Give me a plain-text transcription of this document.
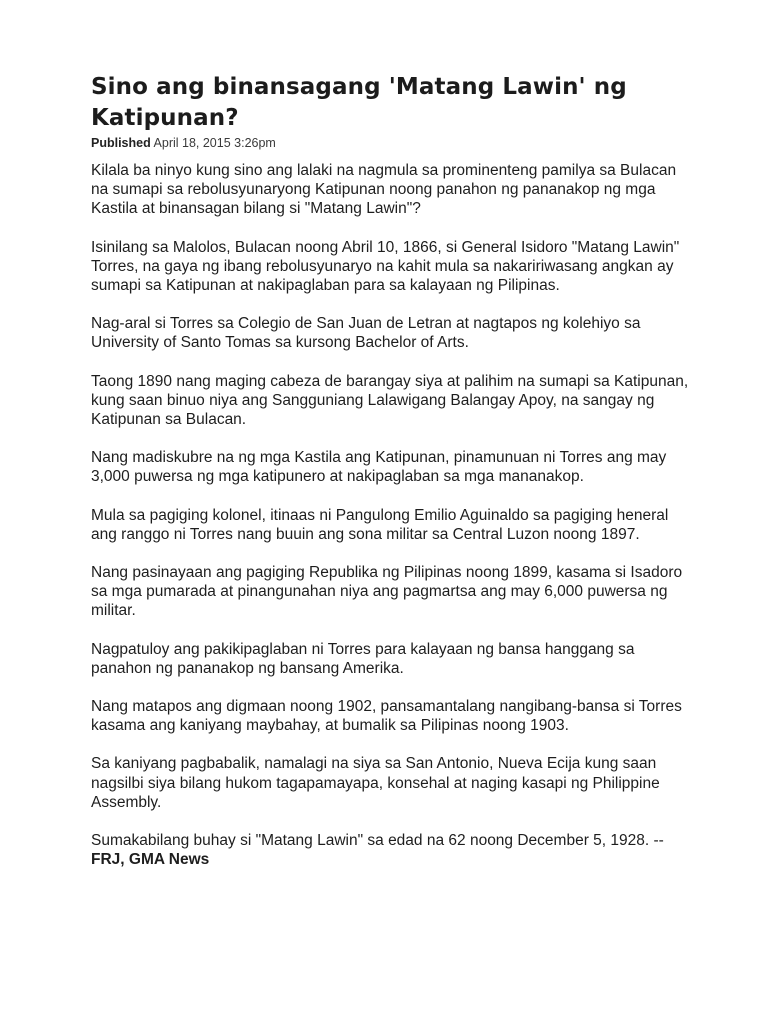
Sino ang binansagang 'Matang Lawin' ng Katipunan?
Published April 18, 2015 3:26pm

Kilala ba ninyo kung sino ang lalaki na nagmula sa prominenteng pamilya sa Bulacan na sumapi sa rebolusyunaryong Katipunan noong panahon ng pananakop ng mga Kastila at binansagan bilang si "Matang Lawin"?

Isinilang sa Malolos, Bulacan noong Abril 10, 1866, si General Isidoro "Matang Lawin" Torres, na gaya ng ibang rebolusyunaryo na kahit mula sa nakaririwasang angkan ay sumapi sa Katipunan at nakipaglaban para sa kalayaan ng Pilipinas.

Nag-aral si Torres sa Colegio de San Juan de Letran at nagtapos ng kolehiyo sa University of Santo Tomas sa kursong Bachelor of Arts.

Taong 1890 nang maging cabeza de barangay siya at palihim na sumapi sa Katipunan, kung saan binuo niya ang Sangguniang Lalawigang Balangay Apoy, na sangay ng Katipunan sa Bulacan.

Nang madiskubre na ng mga Kastila ang Katipunan, pinamunuan ni Torres ang may 3,000 puwersa ng mga katipunero at nakipaglaban sa mga mananakop.

Mula sa pagiging kolonel, itinaas ni Pangulong Emilio Aguinaldo sa pagiging heneral ang ranggo ni Torres nang buuin ang sona militar sa Central Luzon noong 1897.

Nang pasinayaan ang pagiging Republika ng Pilipinas noong 1899, kasama si Isadoro sa mga pumarada at pinangunahan niya ang pagmartsa ang may 6,000 puwersa ng militar.

Nagpatuloy ang pakikipaglaban ni Torres para kalayaan ng bansa hanggang sa panahon ng pananakop ng bansang Amerika.

Nang matapos ang digmaan noong 1902, pansamantalang nangibang-bansa si Torres kasama ang kaniyang maybahay, at bumalik sa Pilipinas noong 1903.

Sa kaniyang pagbabalik, namalagi na siya sa San Antonio, Nueva Ecija kung saan nagsilbi siya bilang hukom tagapamayapa, konsehal at naging kasapi ng Philippine Assembly.

Sumakabilang buhay si "Matang Lawin" sa edad na 62 noong December 5, 1928. -- FRJ, GMA News
